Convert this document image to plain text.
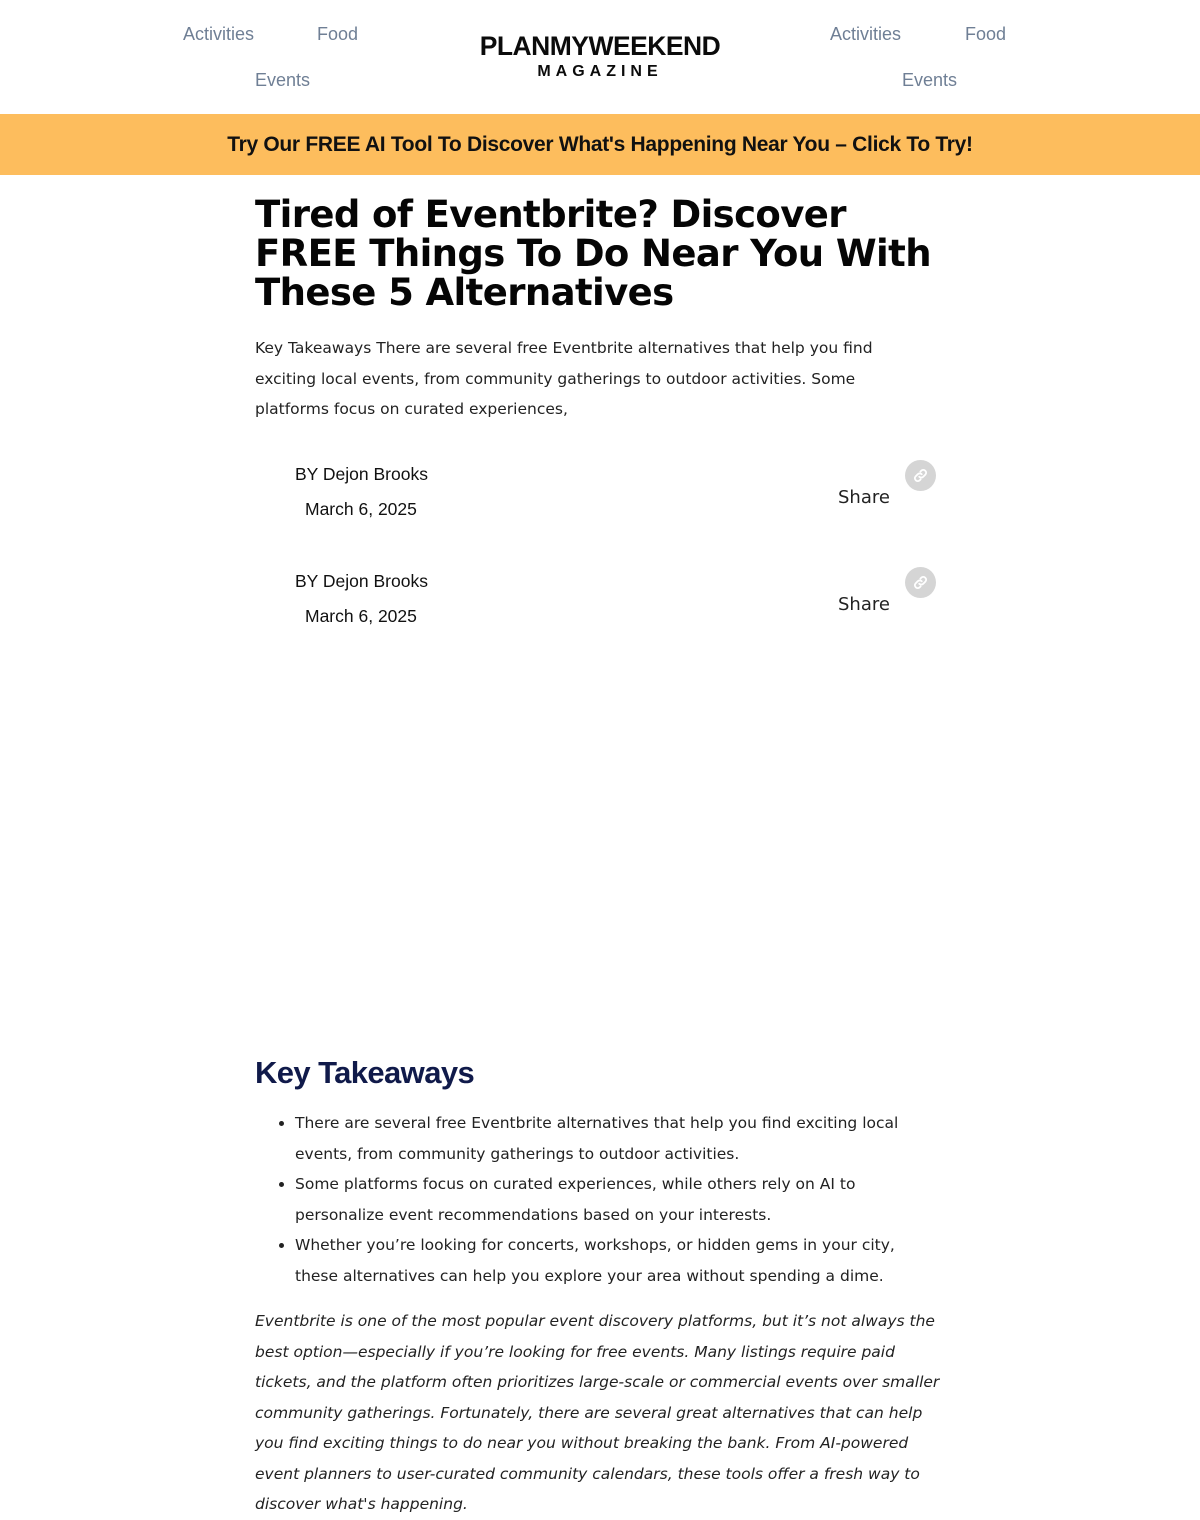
Activities	Food
Events
PLANMYWEEKEND
MAGAZINE
Activities	Food
Events
Try Our FREE AI Tool To Discover What's Happening Near You – Click To Try!
Tired of Eventbrite? Discover FREE Things To Do Near You With These 5 Alternatives

Key Takeaways There are several free Eventbrite alternatives that help you find exciting local events, from community gatherings to outdoor activities. Some platforms focus on curated experiences,

BY Dejon Brooks
March 6, 2025
Share
BY Dejon Brooks
March 6, 2025
Share
Key Takeaways
• There are several free Eventbrite alternatives that help you find exciting local events, from community gatherings to outdoor activities.
• Some platforms focus on curated experiences, while others rely on AI to personalize event recommendations based on your interests.
• Whether you’re looking for concerts, workshops, or hidden gems in your city, these alternatives can help you explore your area without spending a dime.

Eventbrite is one of the most popular event discovery platforms, but it’s not always the best option—especially if you’re looking for free events. Many listings require paid tickets, and the platform often prioritizes large-scale or commercial events over smaller community gatherings. Fortunately, there are several great alternatives that can help you find exciting things to do near you without breaking the bank. From AI-powered event planners to user-curated community calendars, these tools offer a fresh way to discover what's happening.
